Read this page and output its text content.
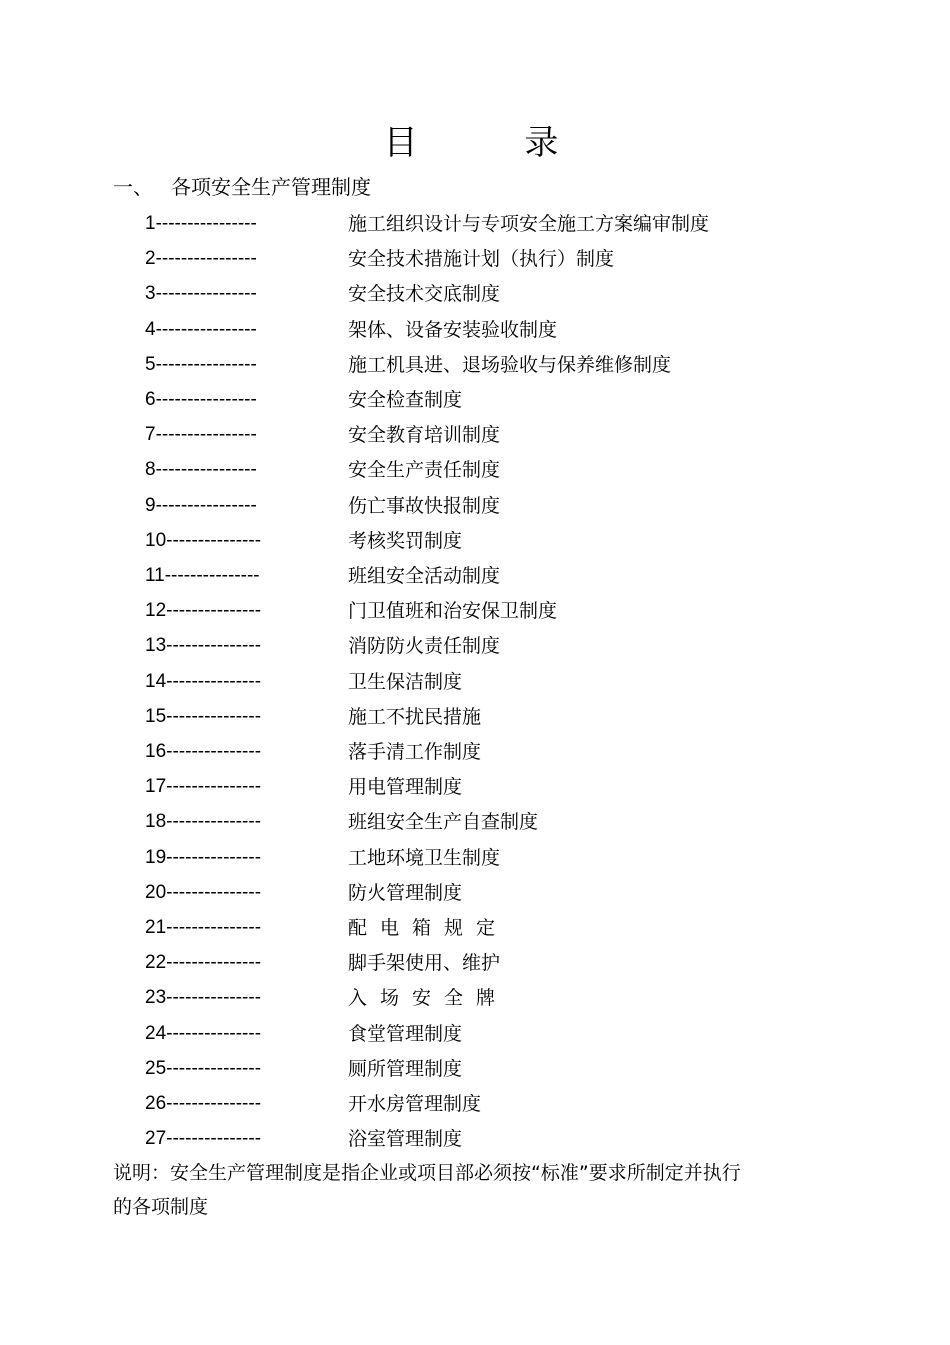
目 录
一、 各项安全生产管理制度
1----------------	施工组织设计与专项安全施工方案编审制度
2----------------	安全技术措施计划（执行）制度
3----------------	安全技术交底制度
4----------------	架体、设备安装验收制度
5----------------	施工机具进、退场验收与保养维修制度
6----------------	安全检查制度
7----------------	安全教育培训制度
8----------------	安全生产责任制度
9----------------	伤亡事故快报制度
10---------------	考核奖罚制度
11---------------	班组安全活动制度
12---------------	门卫值班和治安保卫制度
13---------------	消防防火责任制度
14---------------	卫生保洁制度
15---------------	施工不扰民措施
16---------------	落手清工作制度
17---------------	用电管理制度
18---------------	班组安全生产自查制度
19---------------	工地环境卫生制度
20---------------	防火管理制度
21---------------	配电箱规定
22---------------	脚手架使用、维护
23---------------	入场安全牌
24---------------	食堂管理制度
25---------------	厕所管理制度
26---------------	开水房管理制度
27---------------	浴室管理制度
说明：安全生产管理制度是指企业或项目部必须按“标准”要求所制定并执行的各项制度
